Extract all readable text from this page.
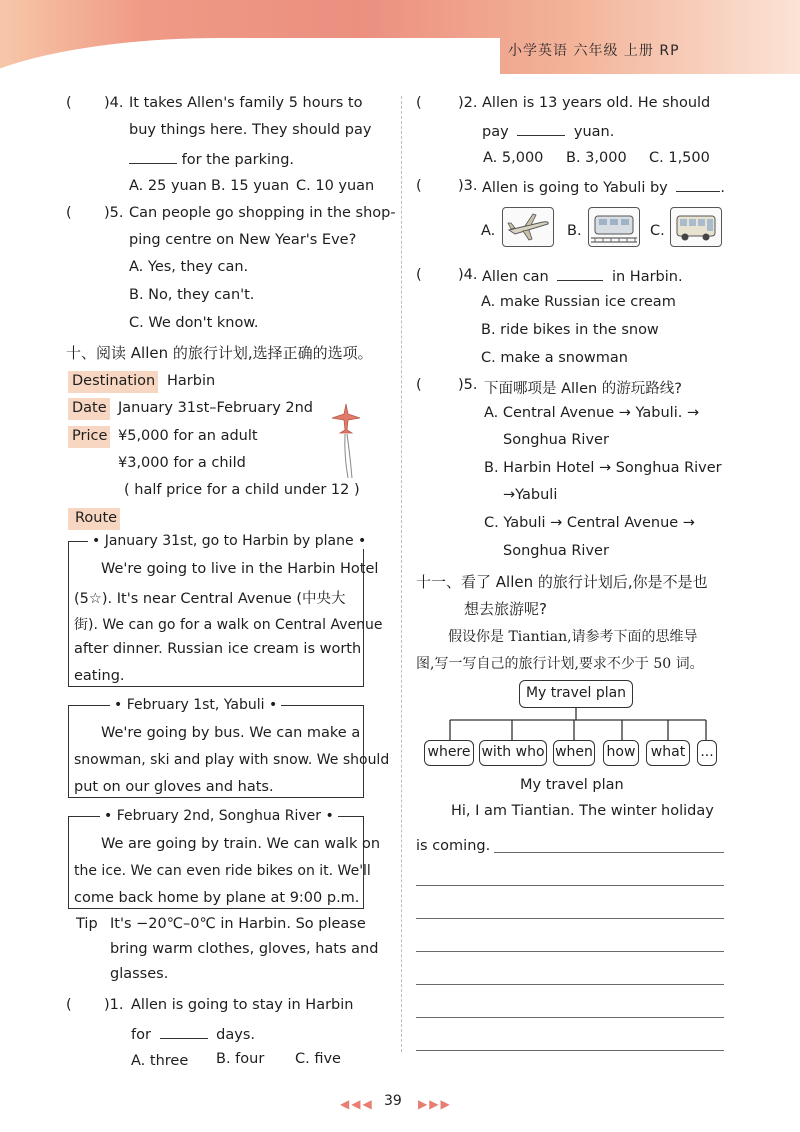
小学英语 六年级 上册 RP
( )4. It takes Allen's family 5 hours to
buy things here. They should pay
for the parking.
A. 25 yuan B. 15 yuan C. 10 yuan
( )5. Can people go shopping in the shop-
ping centre on New Year's Eve?
A. Yes, they can.
B. No, they can't.
C. We don't know.
十、阅读 Allen 的旅行计划,选择正确的选项。
Destination Harbin
Date January 31st–February 2nd
Price ¥5,000 for an adult
¥3,000 for a child
( half price for a child under 12 )
Route
• January 31st, go to Harbin by plane •
We're going to live in the Harbin Hotel
(5☆). It's near Central Avenue (中央大
街). We can go for a walk on Central Avenue
after dinner. Russian ice cream is worth
eating.
• February 1st, Yabuli •
We're going by bus. We can make a
snowman, ski and play with snow. We should
put on our gloves and hats.
• February 2nd, Songhua River •
We are going by train. We can walk on
the ice. We can even ride bikes on it. We'll
come back home by plane at 9:00 p.m.
Tip It's −20℃–0℃ in Harbin. So please
bring warm clothes, gloves, hats and
glasses.
( )1. Allen is going to stay in Harbin
for	days.
A. three B. four C. five
(	)2. Allen is 13 years old. He should
pay	yuan.
A. 5,000 B. 3,000 C. 1,500
(	)3. Allen is going to Yabuli by	.
A.	B.	C.
(	)4. Allen can	in Harbin.
A. make Russian ice cream
B. ride bikes in the snow
C. make a snowman
(	)5. 下面哪项是 Allen 的游玩路线?
A. Central Avenue → Yabuli. →
Songhua River
B. Harbin Hotel → Songhua River
→Yabuli
C. Yabuli → Central Avenue →
Songhua River
十一、看了 Allen 的旅行计划后,你是不是也
想去旅游呢?
假设你是 Tiantian,请参考下面的思维导
图,写一写自己的旅行计划,要求不少于 50 词。
My travel plan
where with who when how	what	...
My travel plan
Hi, I am Tiantian. The winter holiday
is coming.
◀◀◀ 39 ▶▶▶
